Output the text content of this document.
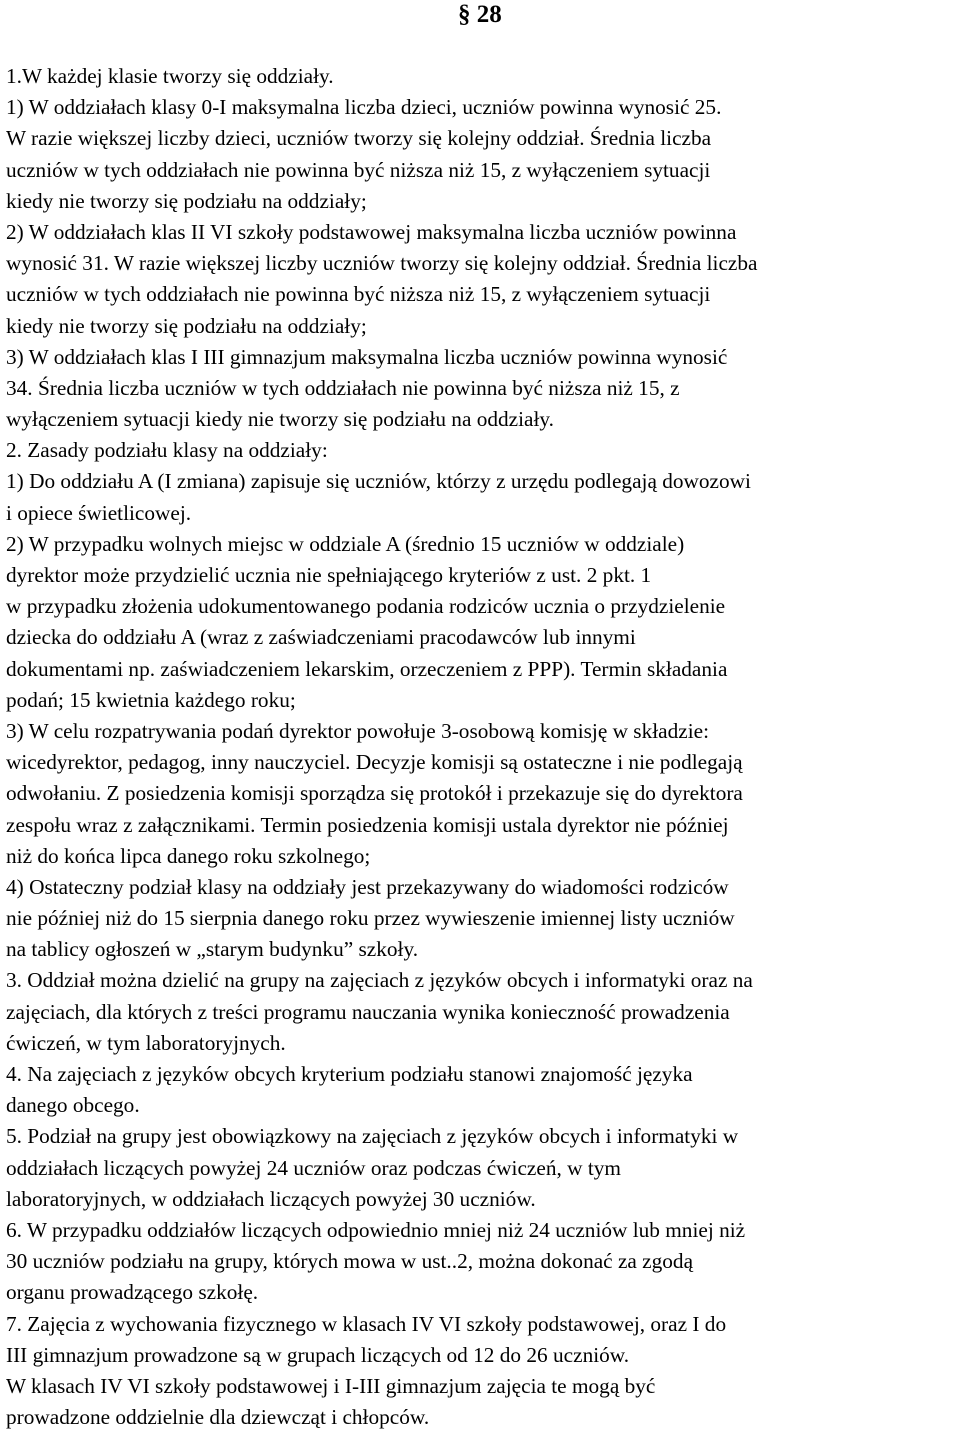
§ 28
1.W każdej klasie tworzy się oddziały.
1) W oddziałach klasy 0-I maksymalna liczba dzieci, uczniów powinna wynosić 25.
W razie większej liczby dzieci, uczniów tworzy się kolejny oddział. Średnia liczba
uczniów w tych oddziałach nie powinna być niższa niż 15, z wyłączeniem sytuacji
kiedy nie tworzy się podziału na oddziały;
2) W oddziałach klas II VI szkoły podstawowej maksymalna liczba uczniów powinna
wynosić 31. W razie większej liczby uczniów tworzy się kolejny oddział. Średnia liczba
uczniów w tych oddziałach nie powinna być niższa niż 15, z wyłączeniem sytuacji
kiedy nie tworzy się podziału na oddziały;
3) W oddziałach klas I III gimnazjum maksymalna liczba uczniów powinna wynosić
34. Średnia liczba uczniów w tych oddziałach nie powinna być niższa niż 15, z
wyłączeniem sytuacji kiedy nie tworzy się podziału na oddziały.
2. Zasady podziału klasy na oddziały:
1) Do oddziału A (I zmiana) zapisuje się uczniów, którzy z urzędu podlegają dowozowi
i opiece świetlicowej.
2) W przypadku wolnych miejsc w oddziale A (średnio 15 uczniów w oddziale)
dyrektor może przydzielić ucznia nie spełniającego kryteriów z ust. 2 pkt. 1
w przypadku złożenia udokumentowanego podania rodziców ucznia o przydzielenie
dziecka do oddziału A (wraz z zaświadczeniami pracodawców lub innymi
dokumentami np. zaświadczeniem lekarskim, orzeczeniem z PPP). Termin składania
podań; 15 kwietnia każdego roku;
3) W celu rozpatrywania podań dyrektor powołuje 3-osobową komisję w składzie:
wicedyrektor, pedagog, inny nauczyciel. Decyzje komisji są ostateczne i nie podlegają
odwołaniu. Z posiedzenia komisji sporządza się protokół i przekazuje się do dyrektora
zespołu wraz z załącznikami. Termin posiedzenia komisji ustala dyrektor nie później
niż do końca lipca danego roku szkolnego;
4) Ostateczny podział klasy na oddziały jest przekazywany do wiadomości rodziców
nie później niż do 15 sierpnia danego roku przez wywieszenie imiennej listy uczniów
na tablicy ogłoszeń w „starym budynku” szkoły.
3. Oddział można dzielić na grupy na zajęciach z języków obcych i informatyki oraz na
zajęciach, dla których z treści programu nauczania wynika konieczność prowadzenia
ćwiczeń, w tym laboratoryjnych.
4. Na zajęciach z języków obcych kryterium podziału stanowi znajomość języka
danego obcego.
5. Podział na grupy jest obowiązkowy na zajęciach z języków obcych i informatyki w
oddziałach liczących powyżej 24 uczniów oraz podczas ćwiczeń, w tym
laboratoryjnych, w oddziałach liczących powyżej 30 uczniów.
6. W przypadku oddziałów liczących odpowiednio mniej niż 24 uczniów lub mniej niż
30 uczniów podziału na grupy, których mowa w ust..2, można dokonać za zgodą
organu prowadzącego szkołę.
7. Zajęcia z wychowania fizycznego w klasach IV VI szkoły podstawowej, oraz I do
III gimnazjum prowadzone są w grupach liczących od 12 do 26 uczniów.
W klasach IV VI szkoły podstawowej i I-III gimnazjum zajęcia te mogą być
prowadzone oddzielnie dla dziewcząt i chłopców.
